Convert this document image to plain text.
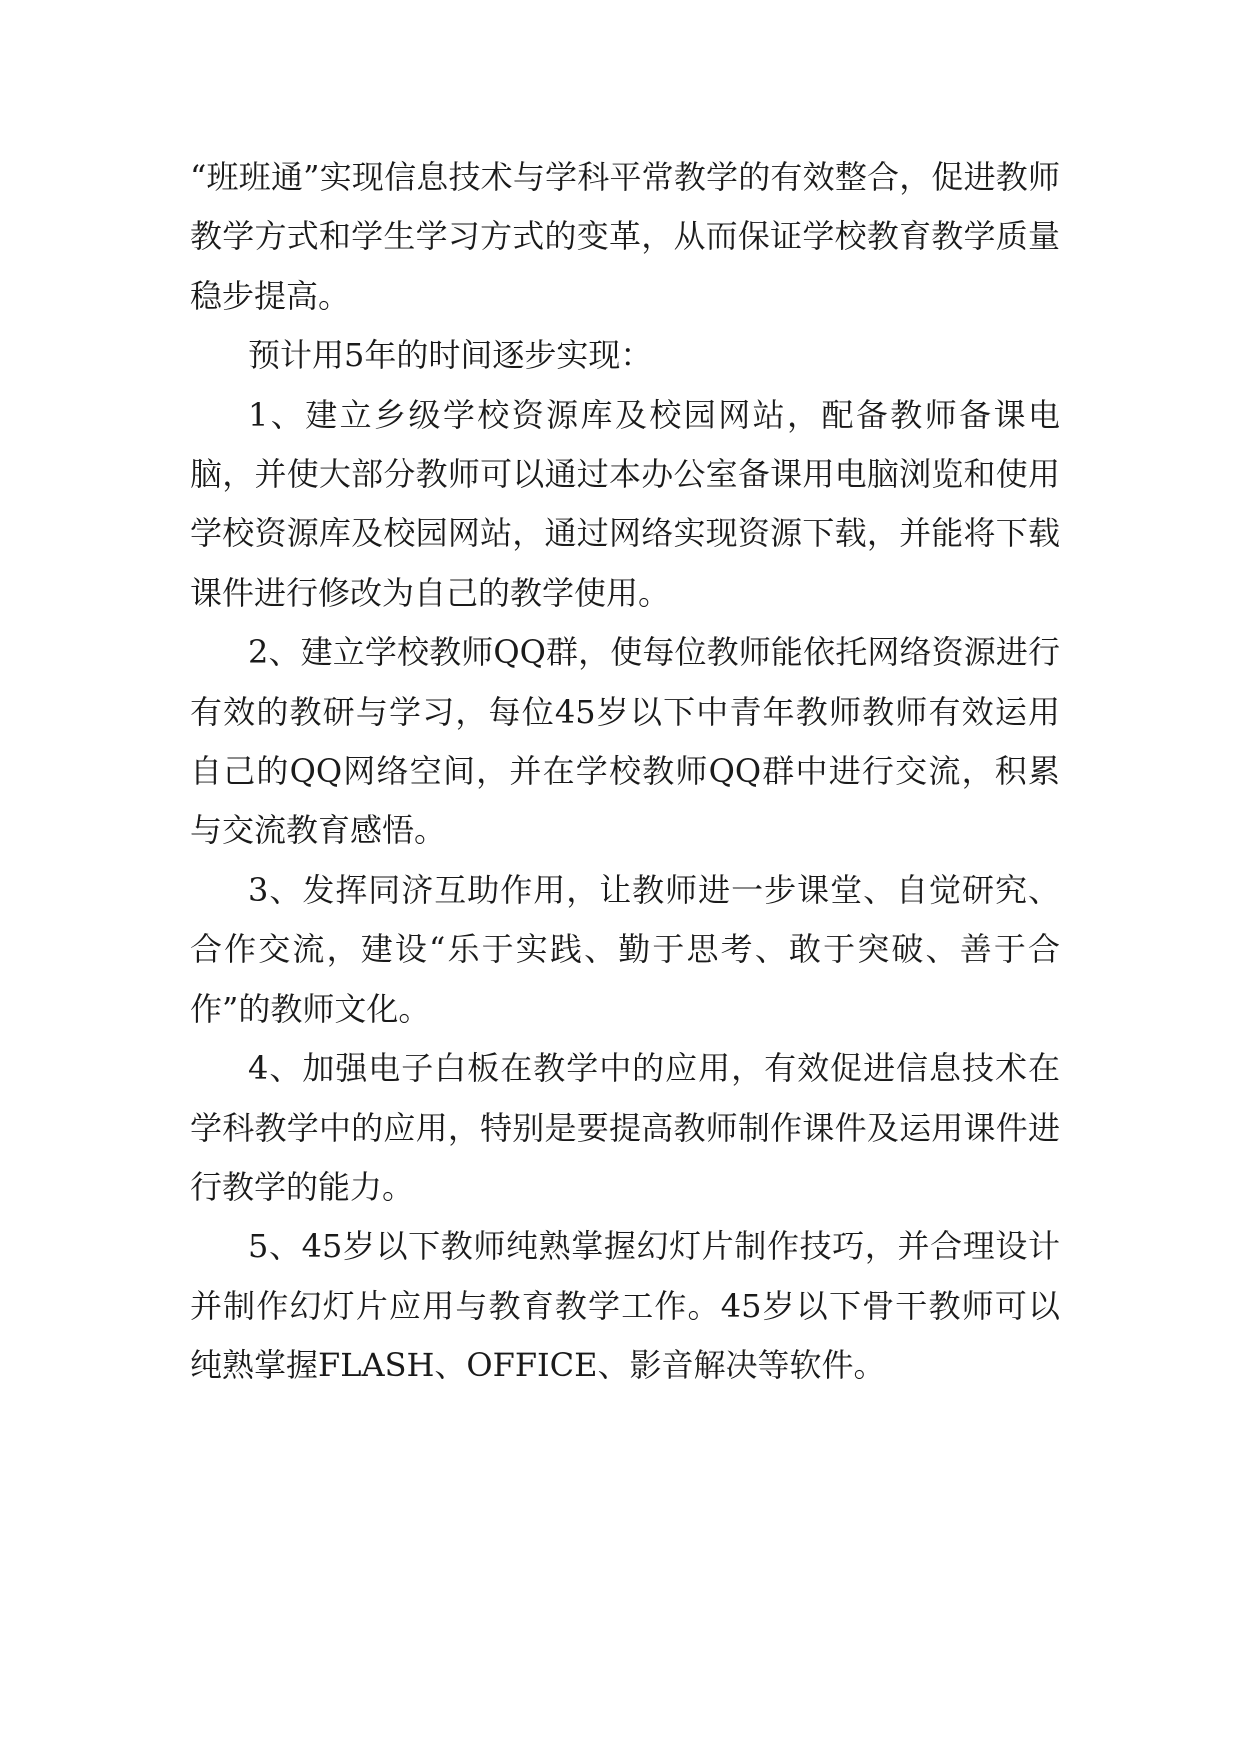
“班班通”实现信息技术与学科平常教学的有效整合，促进教师教学方式和学生学习方式的变革，从而保证学校教育教学质量稳步提高。

预计用5年的时间逐步实现：

1、建立乡级学校资源库及校园网站，配备教师备课电脑，并使大部分教师可以通过本办公室备课用电脑浏览和使用学校资源库及校园网站，通过网络实现资源下载，并能将下载课件进行修改为自己的教学使用。

2、建立学校教师QQ群，使每位教师能依托网络资源进行有效的教研与学习，每位45岁以下中青年教师教师有效运用自己的QQ网络空间，并在学校教师QQ群中进行交流，积累与交流教育感悟。

3、发挥同济互助作用，让教师进一步课堂、自觉研究、合作交流，建设“乐于实践、勤于思考、敢于突破、善于合作”的教师文化。

4、加强电子白板在教学中的应用，有效促进信息技术在学科教学中的应用，特别是要提高教师制作课件及运用课件进行教学的能力。

5、45岁以下教师纯熟掌握幻灯片制作技巧，并合理设计并制作幻灯片应用与教育教学工作。45岁以下骨干教师可以纯熟掌握FLASH、OFFICE、影音解决等软件。
